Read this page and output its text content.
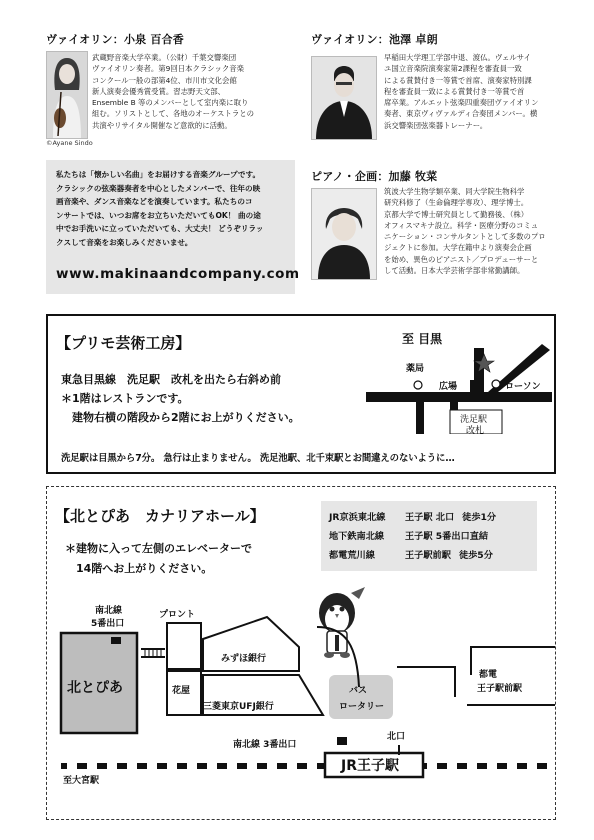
ヴァイオリン：小泉 百合香
武蔵野音楽大学卒業。（公財）千葉交響楽団
ヴァイオリン奏者。第9回日本クラシック音楽
コンクール一般の部第4位、市川市文化会館
新人演奏会優秀賞受賞。習志野天文部、
Ensemble B 等のメンバーとして室内楽に取り
組む。ソリストとして、各地のオーケストラとの
共演やリサイタル開催など意欲的に活動。
©Ayane Sindo
ヴァイオリン：池澤 卓朗
早稲田大学理工学部中退、渡仏。ヴェルサイ
ユ国立音楽院演奏家第2課程を審査員一致
による賞賛付き一等賞で首席、演奏家特別課
程を審査員一致による賞賛付き一等賞で首
席卒業。アルエット弦楽四重奏団ヴァイオリン
奏者、東京ヴィヴァルディ合奏団メンバー。横
浜交響楽団弦楽器トレーナー。
私たちは「懐かしい名曲」をお届けする音楽グループです。
クラシックの弦楽器奏者を中心としたメンバーで、往年の映
画音楽や、ダンス音楽などを演奏しています。私たちのコ
ンサートでは、いつお席をお立ちいただいてもOK！ 曲の途
中でお手洗いに立っていただいても、大丈夫！ どうぞリラッ
クスして音楽をお楽しみくださいませ。
www.makinaandcompany.com
ピアノ・企画：加藤 牧菜
筑波大学生物学類卒業、同大学院生物科学
研究科修了（生命倫理学専攻）、理学博士。
京都大学で博士研究員として勤務後、（株）
オフィスマキナ設立。科学・医療分野のコミュ
ニケーション・コンサルタントとして多数のプロ
ジェクトに参加。大学在籍中より演奏会企画
を始め、異色のピアニスト／プロデューサーと
して活動。日本大学芸術学部非常勤講師。
【プリモ芸術工房】
東急目黒線　洗足駅　改札を出たら右斜め前
＊1階はレストランです。
　建物右横の階段から2階にお上がりください。
洗足駅は目黒から7分。 急行は止まりません。 洗足池駅、北千束駅とお間違えのないように…
至 目黒
薬局
広場	ローソン
洗足駅
改札
【北とぴあ　カナリアホール】
＊建物に入って左側のエレベーターで
　14階へお上がりください。
JR京浜東北線 王子駅 北口 徒歩1分
地下鉄南北線 王子駅 5番出口直結
都電荒川線	王子駅前駅 徒歩5分
南北線
5番出口
北とぴあ
プロント
みずほ銀行
花屋
三菱東京UFJ銀行
バス
ロータリー
都電
王子駅前駅
南北線 3番出口
北口
JR王子駅
至大宮駅
